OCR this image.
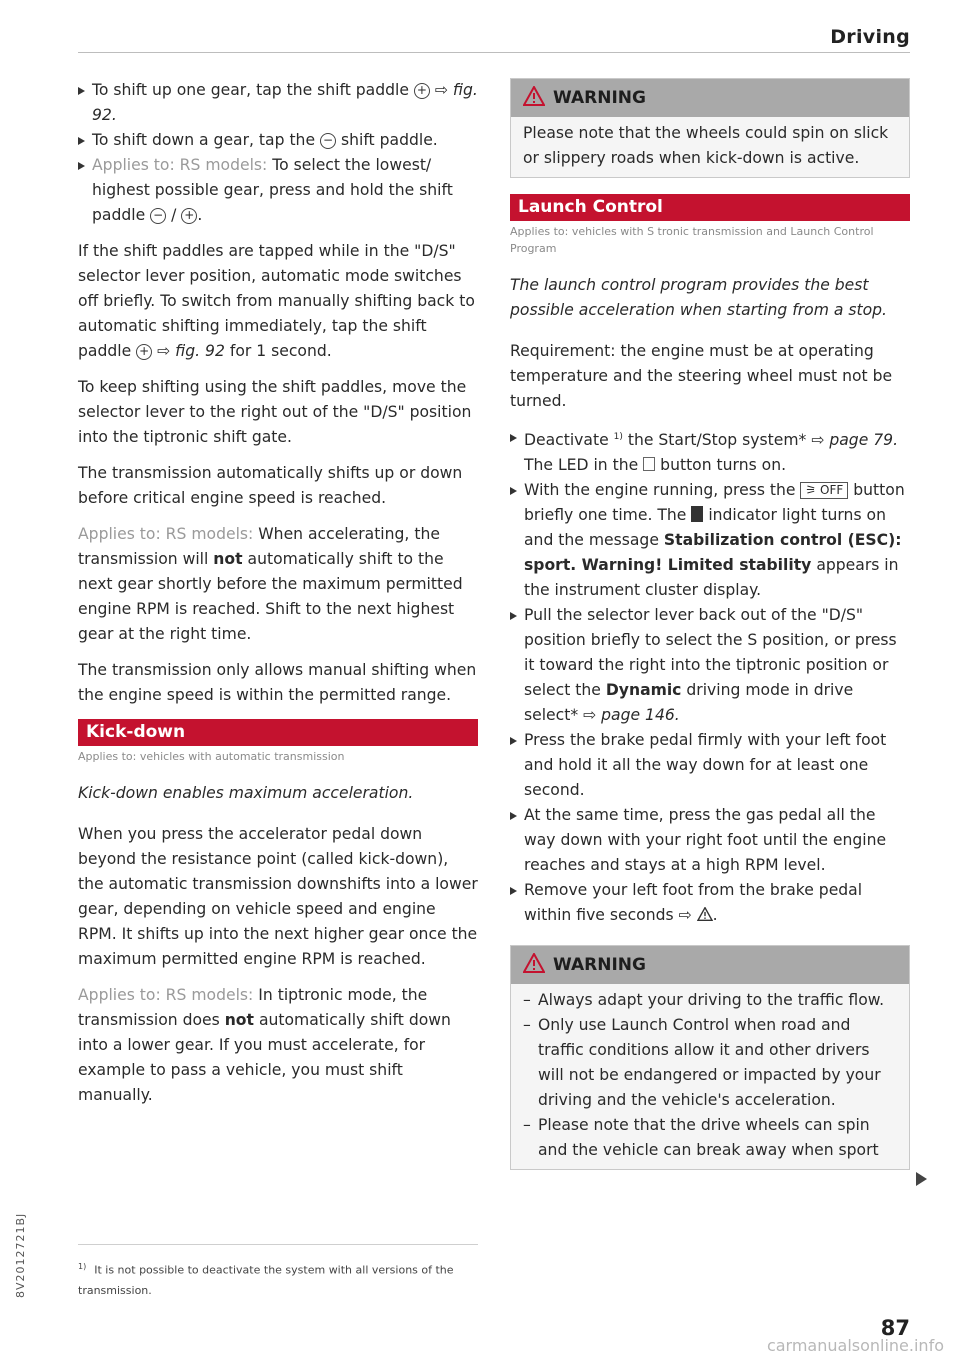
Driving

To shift up one gear, tap the shift paddle + ⇨ fig. 92.

To shift down a gear, tap the − shift paddle.

Applies to: RS models: To select the lowest/ highest possible gear, press and hold the shift paddle − / + .

If the shift paddles are tapped while in the "D/S" selector lever position, automatic mode switches off briefly. To switch from manually shifting back to automatic shifting immediately, tap the shift paddle + ⇨ fig. 92 for 1 second.

To keep shifting using the shift paddles, move the selector lever to the right out of the "D/S" position into the tiptronic shift gate.

The transmission automatically shifts up or down before critical engine speed is reached.

Applies to: RS models: When accelerating, the transmission will not automatically shift to the next gear shortly before the maximum permitted engine RPM is reached. Shift to the next highest gear at the right time.

The transmission only allows manual shifting when the engine speed is within the permitted range.

Kick-down
Applies to: vehicles with automatic transmission

Kick-down enables maximum acceleration.

When you press the accelerator pedal down beyond the resistance point (called kick-down), the automatic transmission downshifts into a lower gear, depending on vehicle speed and engine RPM. It shifts up into the next higher gear once the maximum permitted engine RPM is reached.

Applies to: RS models: In tiptronic mode, the transmission does not automatically shift down into a lower gear. If you must accelerate, for example to pass a vehicle, you must shift manually.

WARNING
Please note that the wheels could spin on slick or slippery roads when kick-down is active.
Launch Control
Applies to: vehicles with S tronic transmission and Launch Control Program

The launch control program provides the best possible acceleration when starting from a stop.

Requirement: the engine must be at operating temperature and the steering wheel must not be turned.

Deactivate $^{1)}$ the Start/Stop system* ⇨ page 79. The LED in the button turns on.

With the engine running, press the ⚞ OFF button briefly one time. The indicator light turns on and the message Stabilization control (ESC): sport. Warning! Limited stability appears in the instrument cluster display.

Pull the selector lever back out of the "D/S" position briefly to select the S position, or press it toward the right into the tiptronic position or select the Dynamic driving mode in drive select* ⇨ page 146.

Press the brake pedal firmly with your left foot and hold it all the way down for at least one second.

At the same time, press the gas pedal all the way down with your right foot until the engine reaches and stays at a high RPM level.

Remove your left foot from the brake pedal within five seconds ⇨ .

WARNING

– Always adapt your driving to the traffic flow.

– Only use Launch Control when road and traffic conditions allow it and other drivers will not be endangered or impacted by your driving and the vehicle's acceleration.

– Please note that the drive wheels can spin and the vehicle can break away when sport

$^{1)}$ It is not possible to deactivate the system with all versions of the transmission.
8V2012721BJ
87
carmanualsonline.info
